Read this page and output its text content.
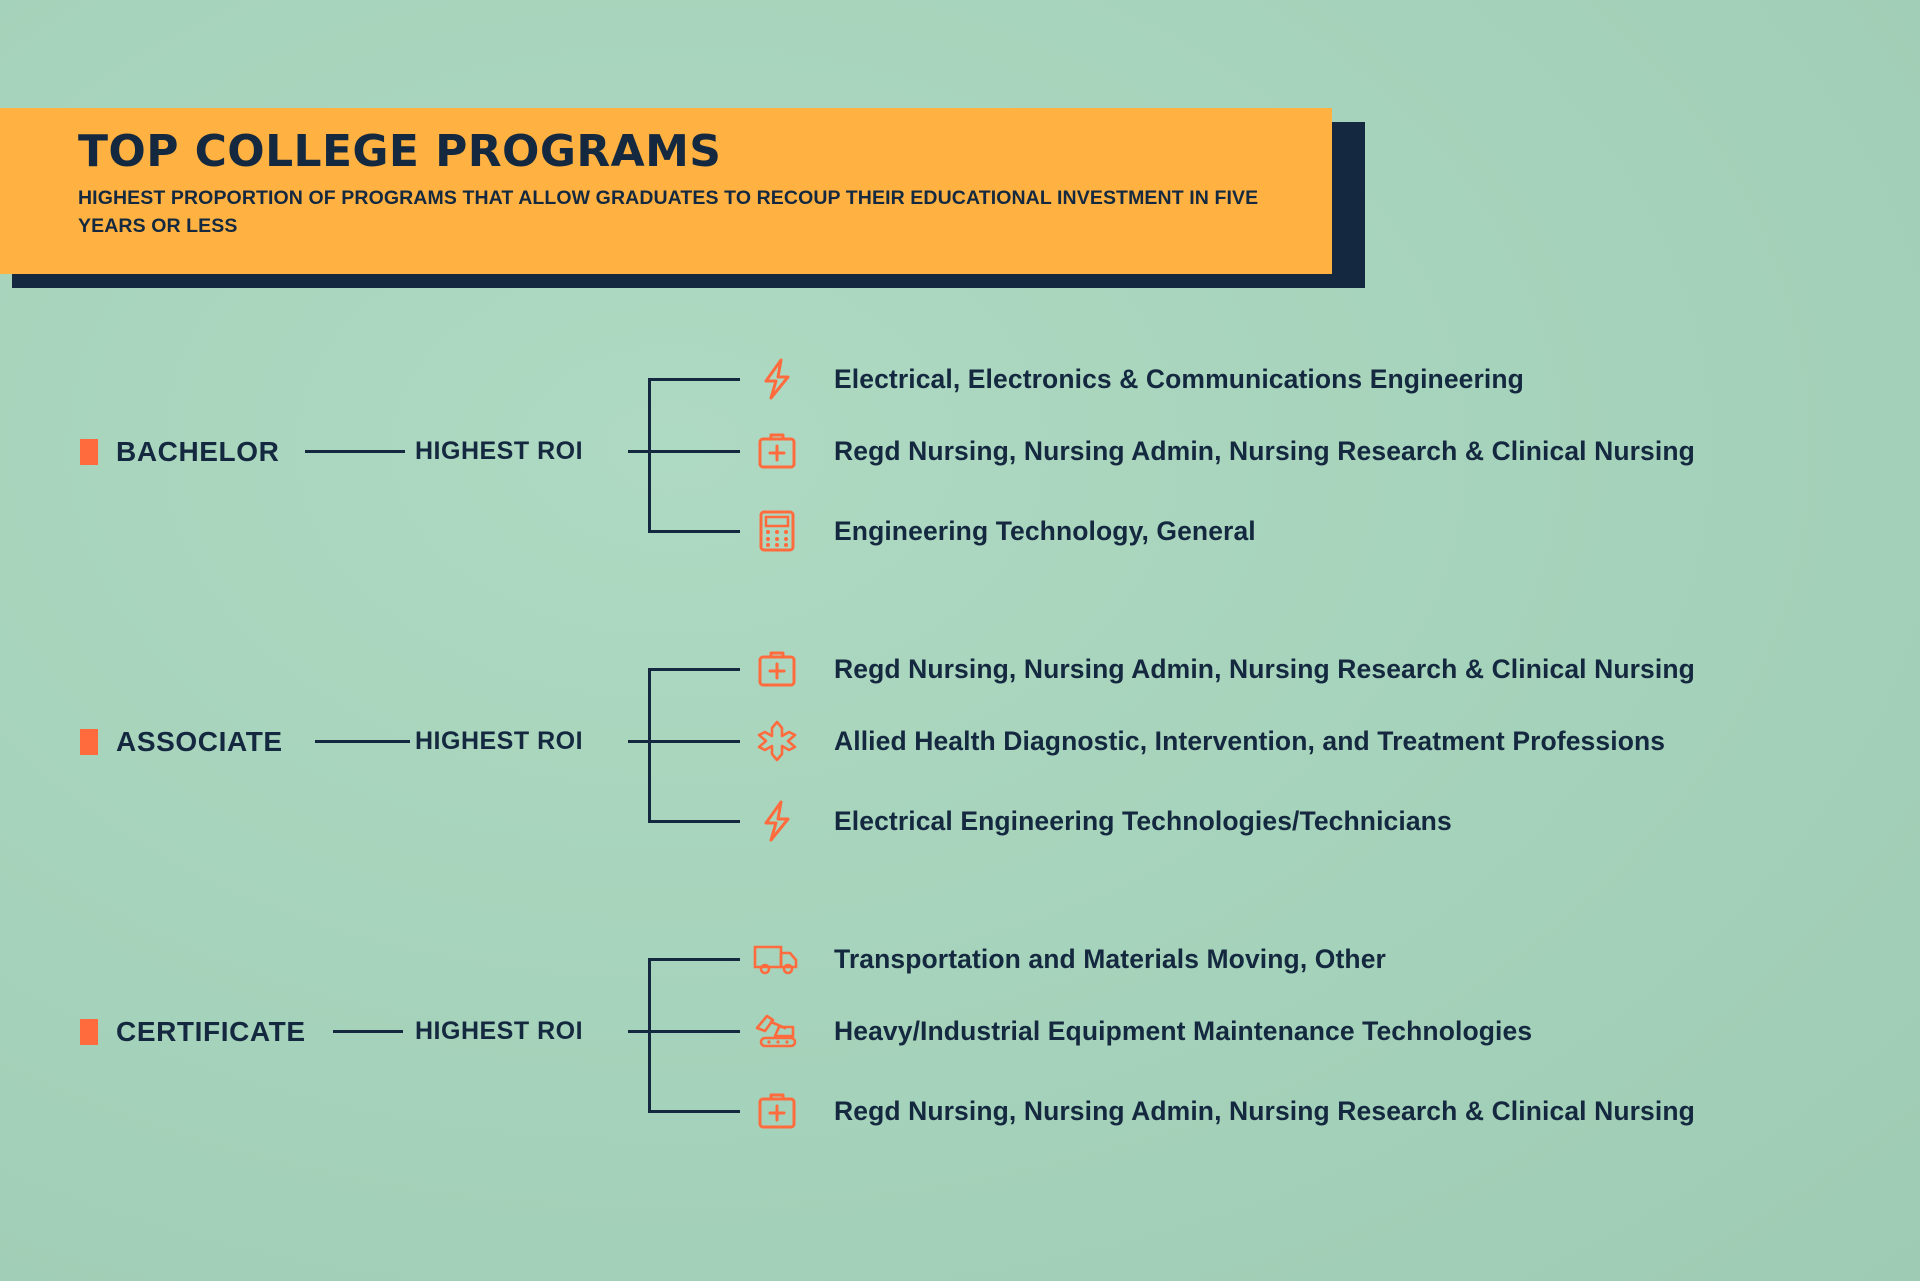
TOP COLLEGE PROGRAMS
HIGHEST PROPORTION OF PROGRAMS THAT ALLOW GRADUATES TO RECOUP THEIR EDUCATIONAL INVESTMENT IN FIVE YEARS OR LESS
BACHELOR	HIGHEST ROI
Electrical, Electronics & Communications Engineering
Regd Nursing, Nursing Admin, Nursing Research & Clinical Nursing
Engineering Technology, General
ASSOCIATE	HIGHEST ROI
Regd Nursing, Nursing Admin, Nursing Research & Clinical Nursing
Allied Health Diagnostic, Intervention, and Treatment Professions
Electrical Engineering Technologies/Technicians
CERTIFICATE	HIGHEST ROI
Transportation and Materials Moving, Other
Heavy/Industrial Equipment Maintenance Technologies
Regd Nursing, Nursing Admin, Nursing Research & Clinical Nursing
